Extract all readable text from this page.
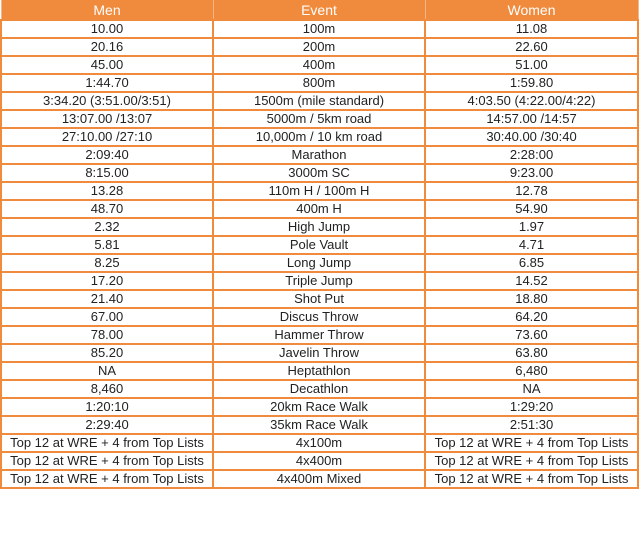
Men	Event	Women
10.00	100m	11.08
20.16	200m	22.60
45.00	400m	51.00
1:44.70	800m	1:59.80
3:34.20 (3:51.00/3:51)	1500m (mile standard)	4:03.50 (4:22.00/4:22)
13:07.00 /13:07	5000m / 5km road	14:57.00 /14:57
27:10.00 /27:10	10,000m / 10 km road	30:40.00 /30:40
2:09:40	Marathon	2:28:00
8:15.00	3000m SC	9:23.00
13.28	110m H / 100m H	12.78
48.70	400m H	54.90
2.32	High Jump	1.97
5.81	Pole Vault	4.71
8.25	Long Jump	6.85
17.20	Triple Jump	14.52
21.40	Shot Put	18.80
67.00	Discus Throw	64.20
78.00	Hammer Throw	73.60
85.20	Javelin Throw	63.80
NA	Heptathlon	6,480
8,460	Decathlon	NA
1:20:10	20km Race Walk	1:29:20
2:29:40	35km Race Walk	2:51:30
Top 12 at WRE + 4 from Top Lists	4x100m	Top 12 at WRE + 4 from Top Lists
Top 12 at WRE + 4 from Top Lists	4x400m	Top 12 at WRE + 4 from Top Lists
Top 12 at WRE + 4 from Top Lists	4x400m Mixed	Top 12 at WRE + 4 from Top Lists
